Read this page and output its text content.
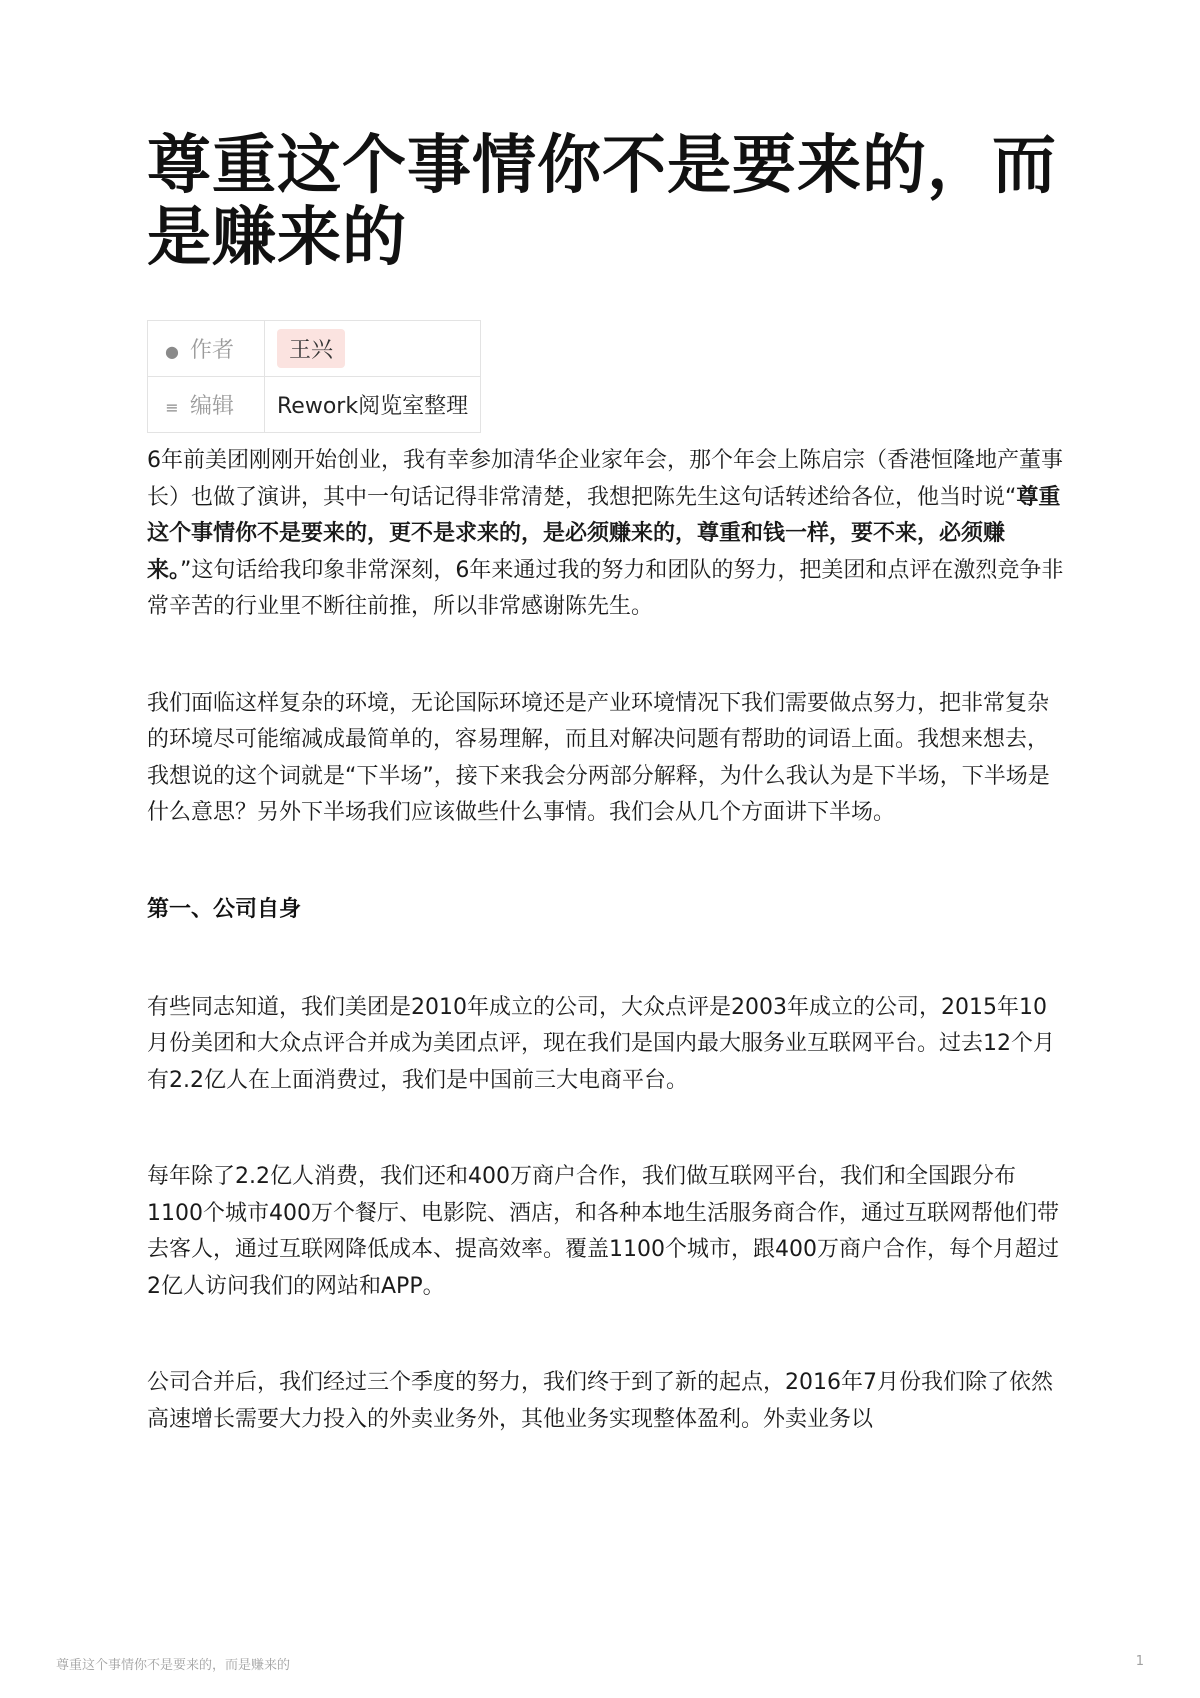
尊重这个事情你不是要来的，而是赚来的
● 作者	王兴
≡ 编辑	Rework阅览室整理

6年前美团刚刚开始创业，我有幸参加清华企业家年会，那个年会上陈启宗（香港恒隆地产董事长）也做了演讲，其中一句话记得非常清楚，我想把陈先生这句话转述给各位，他当时说“尊重这个事情你不是要来的，更不是求来的，是必须赚来的，尊重和钱一样，要不来，必须赚来。”这句话给我印象非常深刻，6年来通过我的努力和团队的努力，把美团和点评在激烈竞争非常辛苦的行业里不断往前推，所以非常感谢陈先生。

我们面临这样复杂的环境，无论国际环境还是产业环境情况下我们需要做点努力，把非常复杂的环境尽可能缩减成最简单的，容易理解，而且对解决问题有帮助的词语上面。我想来想去，我想说的这个词就是“下半场”，接下来我会分两部分解释，为什么我认为是下半场，下半场是什么意思？另外下半场我们应该做些什么事情。我们会从几个方面讲下半场。

第一、公司自身

有些同志知道，我们美团是2010年成立的公司，大众点评是2003年成立的公司，2015年10月份美团和大众点评合并成为美团点评，现在我们是国内最大服务业互联网平台。过去12个月有2.2亿人在上面消费过，我们是中国前三大电商平台。

每年除了2.2亿人消费，我们还和400万商户合作，我们做互联网平台，我们和全国跟分布1100个城市400万个餐厅、电影院、酒店，和各种本地生活服务商合作，通过互联网帮他们带去客人，通过互联网降低成本、提高效率。覆盖1100个城市，跟400万商户合作，每个月超过2亿人访问我们的网站和APP。

公司合并后，我们经过三个季度的努力，我们终于到了新的起点，2016年7月份我们除了依然高速增长需要大力投入的外卖业务外，其他业务实现整体盈利。外卖业务以

尊重这个事情你不是要来的，而是赚来的	1
